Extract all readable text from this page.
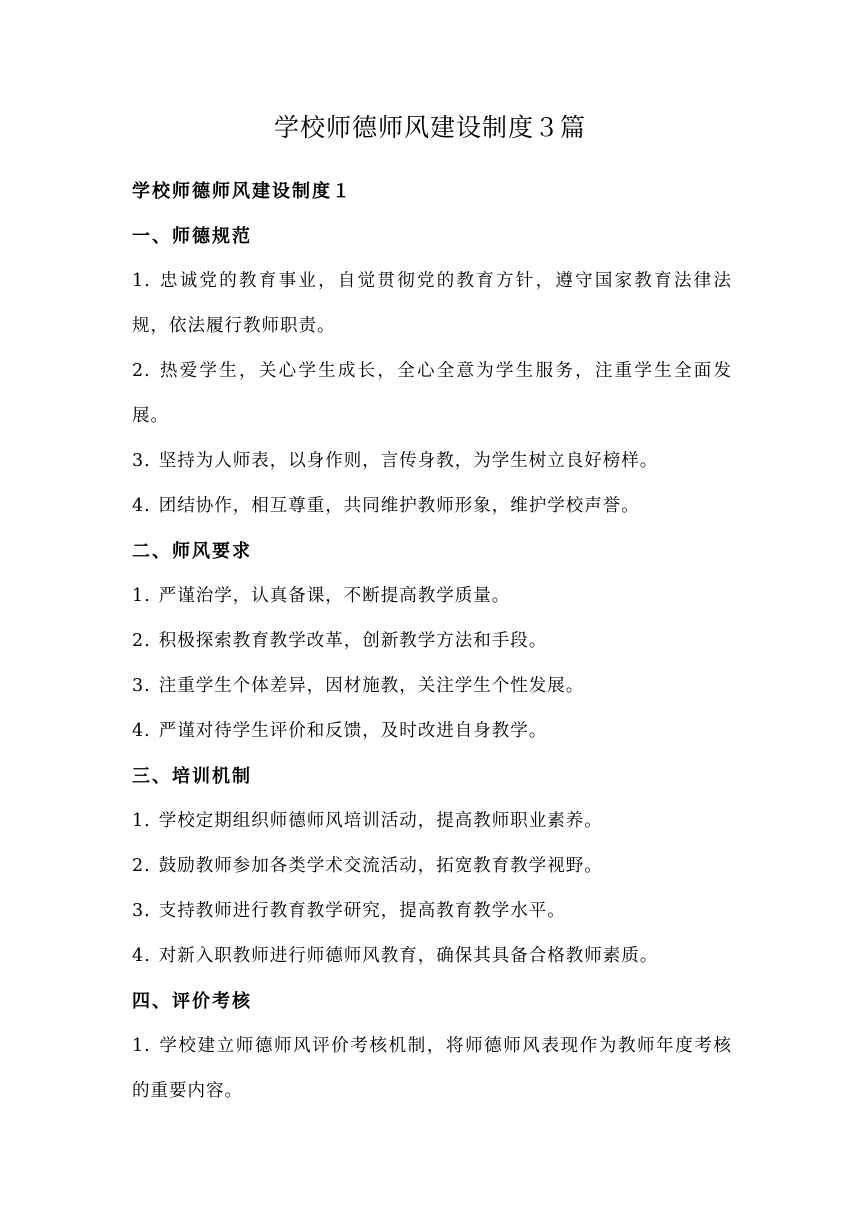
学校师德师风建设制度３篇
学校师德师风建设制度１
一、师德规范
1. 忠诚党的教育事业，自觉贯彻党的教育方针，遵守国家教育法律法规，依法履行教师职责。
2. 热爱学生，关心学生成长，全心全意为学生服务，注重学生全面发展。
3. 坚持为人师表，以身作则，言传身教，为学生树立良好榜样。
4. 团结协作，相互尊重，共同维护教师形象，维护学校声誉。
二、师风要求
1. 严谨治学，认真备课，不断提高教学质量。
2. 积极探索教育教学改革，创新教学方法和手段。
3. 注重学生个体差异，因材施教，关注学生个性发展。
4. 严谨对待学生评价和反馈，及时改进自身教学。
三、培训机制
1. 学校定期组织师德师风培训活动，提高教师职业素养。
2. 鼓励教师参加各类学术交流活动，拓宽教育教学视野。
3. 支持教师进行教育教学研究，提高教育教学水平。
4. 对新入职教师进行师德师风教育，确保其具备合格教师素质。
四、评价考核
1. 学校建立师德师风评价考核机制，将师德师风表现作为教师年度考核的重要内容。
